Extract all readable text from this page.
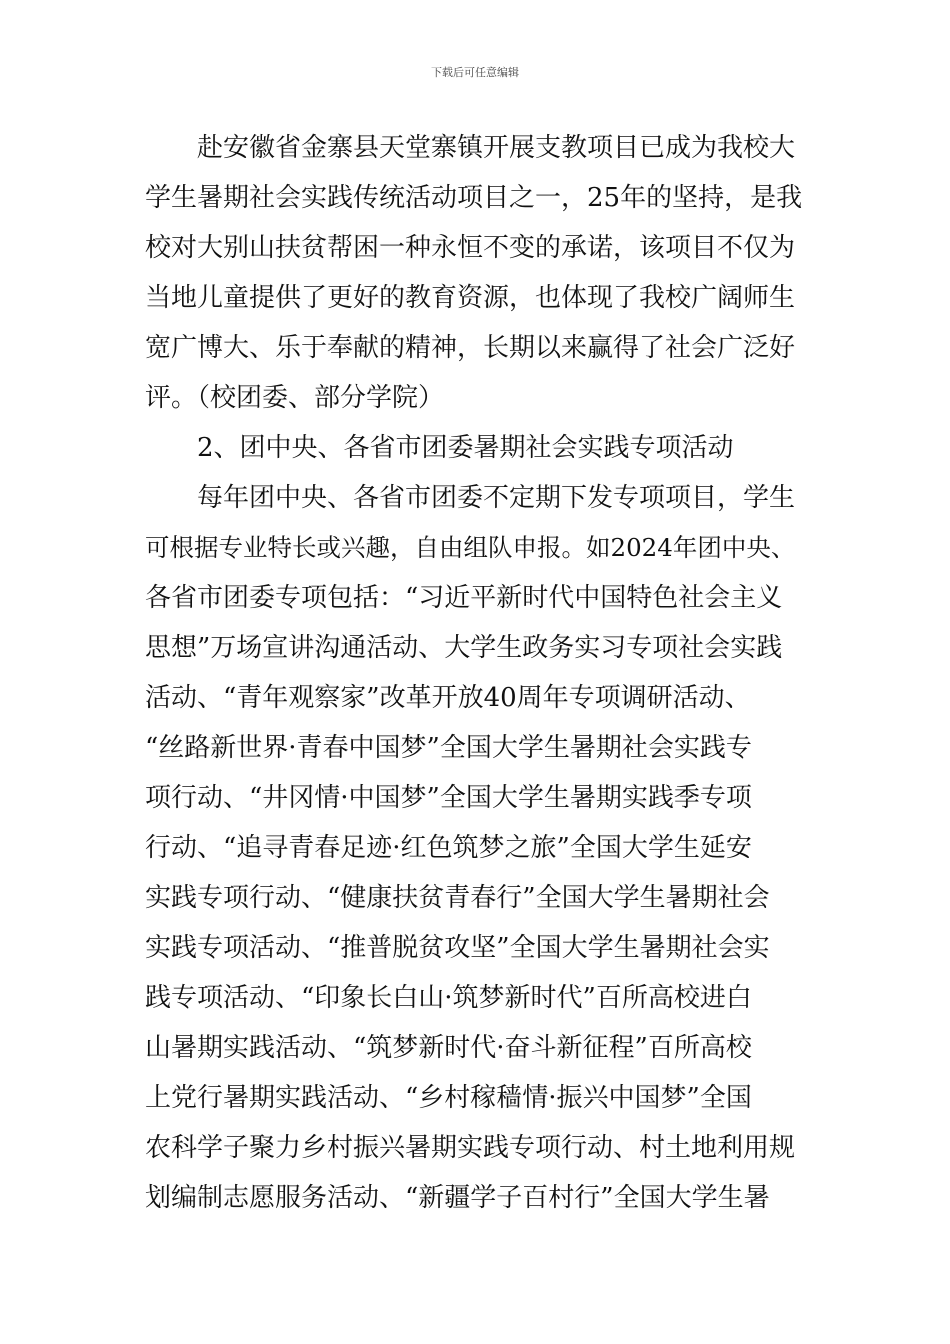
下载后可任意编辑
　　赴安徽省金寨县天堂寨镇开展支教项目已成为我校大
学生暑期社会实践传统活动项目之一，25年的坚持，是我
校对大别山扶贫帮困一种永恒不变的承诺，该项目不仅为
当地儿童提供了更好的教育资源，也体现了我校广阔师生
宽广博大、乐于奉献的精神，长期以来赢得了社会广泛好
评。（校团委、部分学院）
　　2、团中央、各省市团委暑期社会实践专项活动
　　每年团中央、各省市团委不定期下发专项项目，学生
可根据专业特长或兴趣，自由组队申报。如2024年团中央、
各省市团委专项包括：“习近平新时代中国特色社会主义
思想”万场宣讲沟通活动、大学生政务实习专项社会实践
活动、“青年观察家”改革开放40周年专项调研活动、
“丝路新世界·青春中国梦”全国大学生暑期社会实践专
项行动、“井冈情·中国梦”全国大学生暑期实践季专项
行动、“追寻青春足迹·红色筑梦之旅”全国大学生延安
实践专项行动、“健康扶贫青春行”全国大学生暑期社会
实践专项活动、“推普脱贫攻坚”全国大学生暑期社会实
践专项活动、“印象长白山·筑梦新时代”百所高校进白
山暑期实践活动、“筑梦新时代·奋斗新征程”百所高校
上党行暑期实践活动、“乡村稼穑情·振兴中国梦”全国
农科学子聚力乡村振兴暑期实践专项行动、村土地利用规
划编制志愿服务活动、“新疆学子百村行”全国大学生暑
